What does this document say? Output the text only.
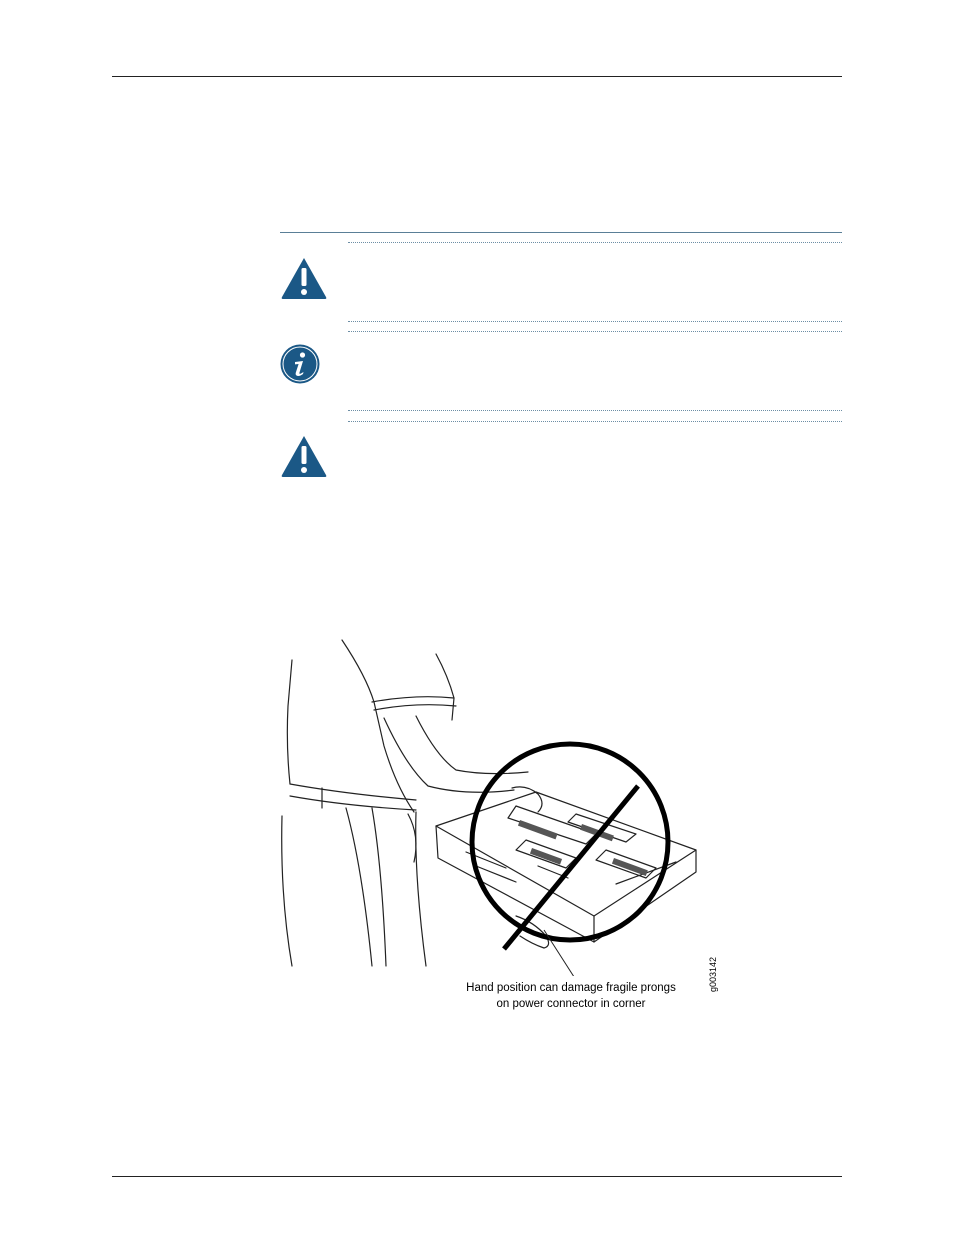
Hand position can damage fragile prongs
on power connector in corner
g003142
